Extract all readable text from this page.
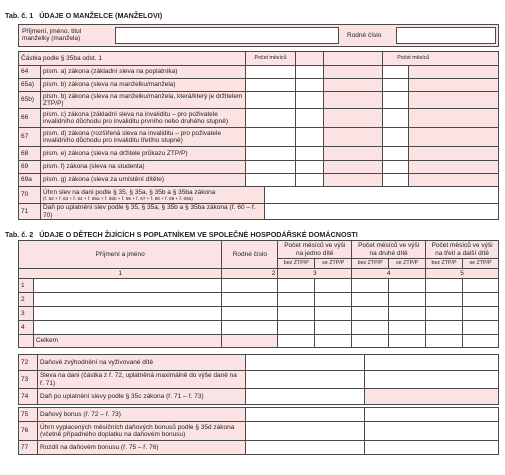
Tab. č. 1   ÚDAJE O MANŽELCE (MANŽELOVI)
Příjmení, jméno, titul manželky (manžela)	Rodné číslo
Částka podle § 35ba odst. 1		Počet měsíců				Počet měsíců	
64	písm. a) zákona (základní sleva na poplatníka)						
65a)	písm. b) zákona (sleva na manželku/manžela)						
65b)	písm. b) zákona (sleva na manželku/manžela, která/který je držitelem ZTP/P)						
66	písm. c) zákona (základní sleva na invaliditu – pro poživatele invalidního důchodu pro invaliditu prvního nebo druhého stupně)						
67	písm. d) zákona (rozšířená sleva na invaliditu – pro poživatele invalidního důchodu pro invaliditu třetího stupně)						
68	písm. e) zákona (sleva na držitele průkazu ZTP/P)						
69	písm. f) zákona (sleva na studenta)						
69a	písm. g) zákona (sleva za umístění dítěte)						
70	Úhrn slev na dani podle § 35, § 35a, § 35b a § 35ba zákona
(ř. 62 + ř. 63 + ř. 64 + ř. 65a + ř. 65b + ř. 66 + ř. 67 + ř. 68 + ř. 69 + ř. 69a)						

71	Daň po uplatnění slev podle § 35, § 35a, § 35b a § 35ba zákona (ř. 60 – ř. 70)						
Tab. č. 2   ÚDAJE O DĚTECH ŽIJÍCÍCH S POPLATNÍKEM VE SPOLEČNÉ HOSPODÁŘSKÉ DOMÁCNOSTI
Příjmení a jméno		Rodné číslo	Počet měsíců ve výši na jedno dítě		Počet měsíců ve výši na druhé dítě		Počet měsíců ve výši na třetí a další dítě	
			bez ZTP/P	se ZTP/P	bez ZTP/P	se ZTP/P	bez ZTP/P	se ZTP/P
1		2	3		4		5	
1								
2								
3								
4								
	Celkem							
72	Daňové zvýhodnění na vyživované dítě		
73	Sleva na dani (částka z ř. 72, uplatněná maximálně do výše daně na ř. 71)		
74	Daň po uplatnění slevy podle § 35c zákona (ř. 71 – ř. 73)		

75	Daňový bonus (ř. 72 – ř. 73)		
76	Úhrn vyplacených měsíčních daňových bonusů podle § 35d zákona (včetně případného doplatku na daňovém bonusu)		
77	Rozdíl na daňovém bonusu (ř. 75 – ř. 76)		
